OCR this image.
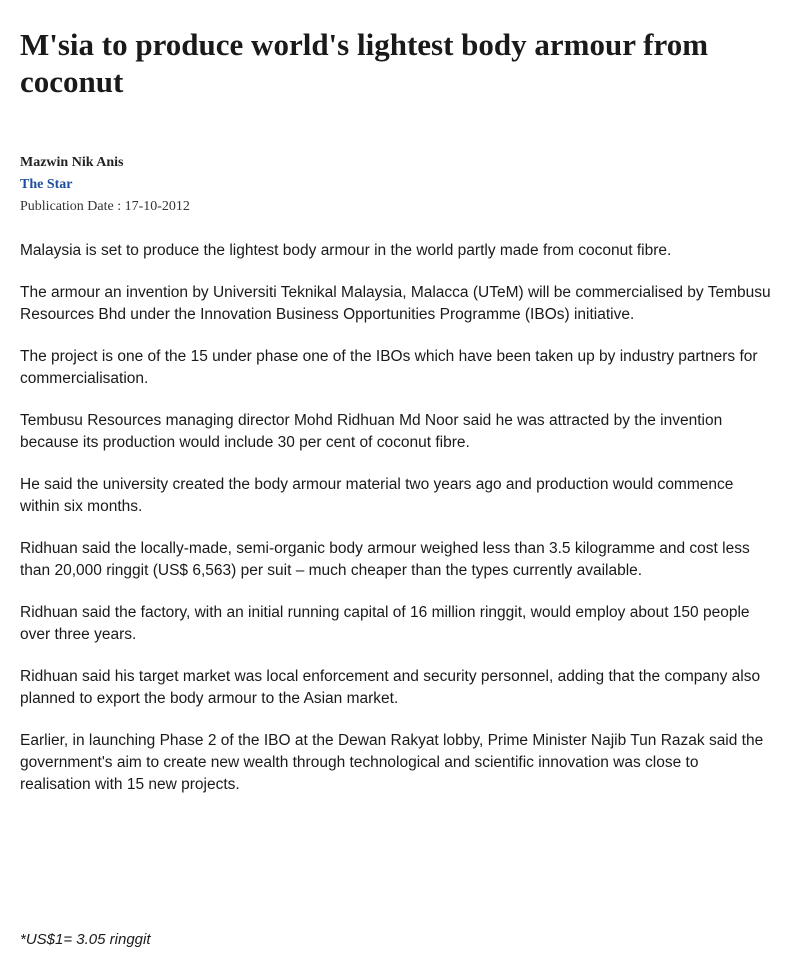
M'sia to produce world's lightest body armour from coconut
Mazwin Nik Anis
The Star
Publication Date : 17-10-2012

Malaysia is set to produce the lightest body armour in the world partly made from coconut fibre.

The armour an invention by Universiti Teknikal Malaysia, Malacca (UTeM) will be commercialised by Tembusu Resources Bhd under the Innovation Business Opportunities Programme (IBOs) initiative.

The project is one of the 15 under phase one of the IBOs which have been taken up by industry partners for commercialisation.

Tembusu Resources managing director Mohd Ridhuan Md Noor said he was attracted by the invention because its production would include 30 per cent of coconut fibre.

He said the university created the body armour material two years ago and production would commence within six months.

Ridhuan said the locally-made, semi-organic body armour weighed less than 3.5 kilogramme and cost less than 20,000 ringgit (US$ 6,563) per suit – much cheaper than the types currently available.

Ridhuan said the factory, with an initial running capital of 16 million ringgit, would employ about 150 people over three years.

Ridhuan said his target market was local enforcement and security personnel, adding that the company also planned to export the body armour to the Asian market.

Earlier, in launching Phase 2 of the IBO at the Dewan Rakyat lobby, Prime Minister Najib Tun Razak said the government's aim to create new wealth through technological and scientific innovation was close to realisation with 15 new projects.

*US$1= 3.05 ringgit
